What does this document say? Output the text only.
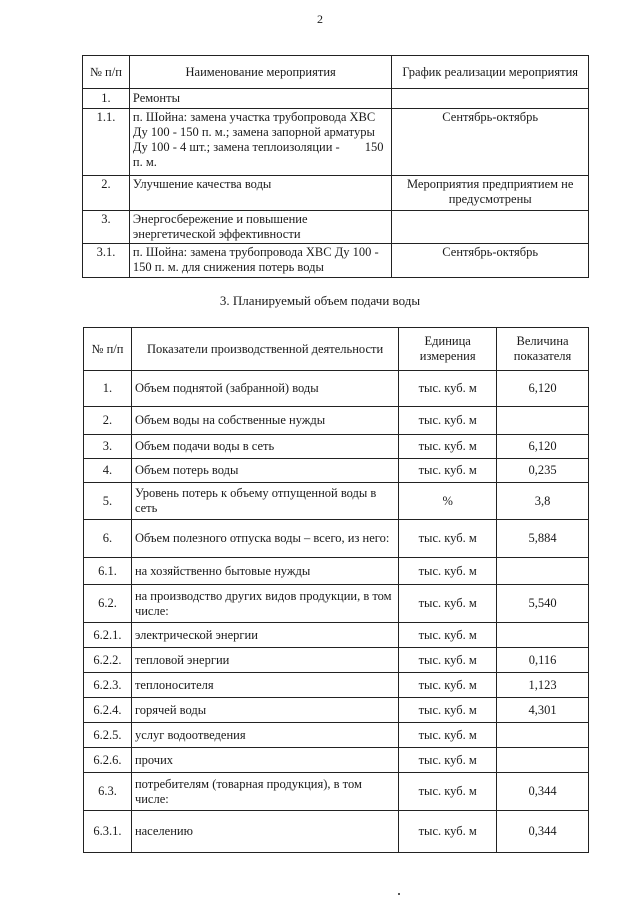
2
№ п/п	Наименование мероприятия	График реализации мероприятия
1.	Ремонты	
1.1.	п. Шойна: замена участка трубопровода ХВС Ду 100 - 150 п. м.; замена запорной арматуры Ду 100 - 4 шт.; замена теплоизоляции -        150 п. м.	Сентябрь-октябрь
2.	Улучшение качества воды	Мероприятия предприятием не предусмотрены
3.	Энергосбережение и повышение энергетической эффективности	
3.1.	п. Шойна: замена трубопровода ХВС Ду 100 - 150 п. м. для снижения потерь воды	Сентябрь-октябрь
3. Планируемый объем подачи воды
№ п/п	Показатели производственной деятельности	Единица измерения	Величина показателя
1.	Объем поднятой (забранной) воды	тыс. куб. м	6,120
2.	Объем воды на собственные нужды	тыс. куб. м	
3.	Объем подачи воды в сеть	тыс. куб. м	6,120
4.	Объем потерь воды	тыс. куб. м	0,235
5.	Уровень потерь к объему отпущенной воды в сеть	%	3,8
6.	Объем полезного отпуска воды – всего, из него:	тыс. куб. м	5,884
6.1.	на хозяйственно бытовые нужды	тыс. куб. м	
6.2.	на производство других видов продукции, в том числе:	тыс. куб. м	5,540
6.2.1.	электрической энергии	тыс. куб. м	
6.2.2.	тепловой энергии	тыс. куб. м	0,116
6.2.3.	теплоносителя	тыс. куб. м	1,123
6.2.4.	горячей воды	тыс. куб. м	4,301
6.2.5.	услуг водоотведения	тыс. куб. м	
6.2.6.	прочих	тыс. куб. м	
6.3.	потребителям (товарная продукция), в том числе:	тыс. куб. м	0,344
6.3.1.	населению	тыс. куб. м	0,344
